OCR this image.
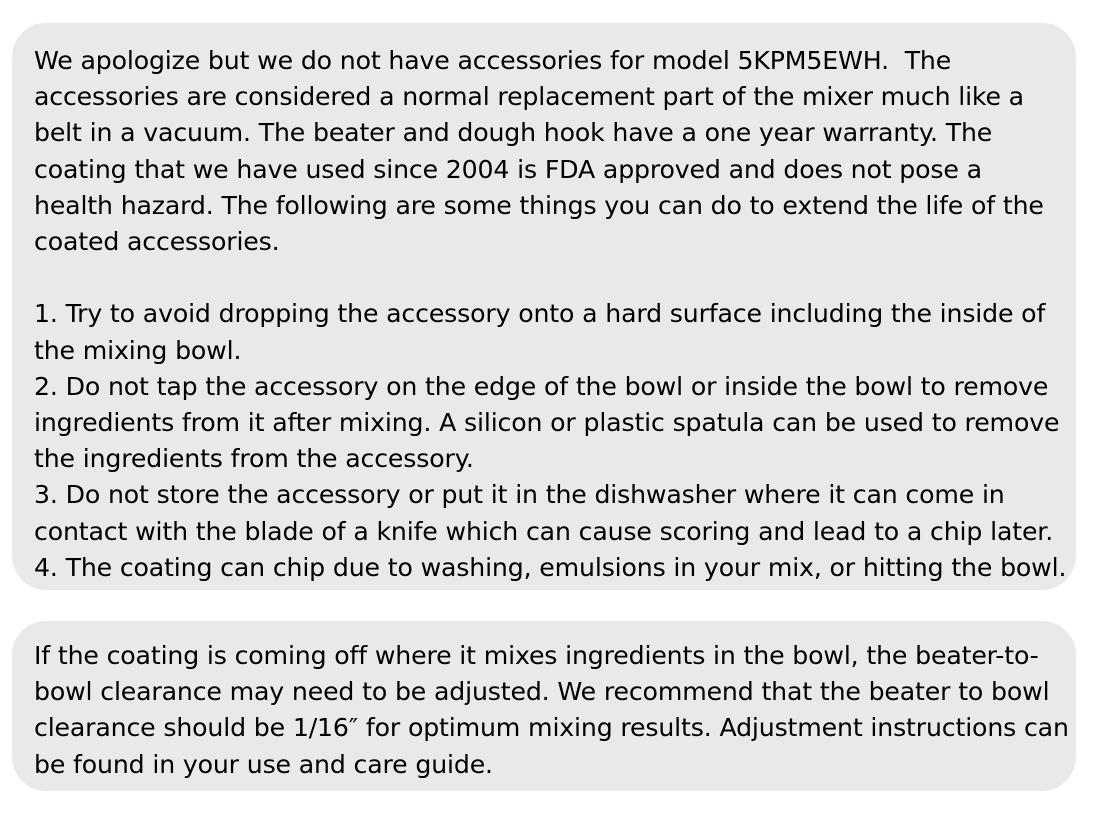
We apologize but we do not have accessories for model 5KPM5EWH.  The
accessories are considered a normal replacement part of the mixer much like a
belt in a vacuum. The beater and dough hook have a one year warranty. The
coating that we have used since 2004 is FDA approved and does not pose a
health hazard. The following are some things you can do to extend the life of the
coated accessories.
1. Try to avoid dropping the accessory onto a hard surface including the inside of
the mixing bowl.
2. Do not tap the accessory on the edge of the bowl or inside the bowl to remove
ingredients from it after mixing. A silicon or plastic spatula can be used to remove
the ingredients from the accessory.
3. Do not store the accessory or put it in the dishwasher where it can come in
contact with the blade of a knife which can cause scoring and lead to a chip later.
4. The coating can chip due to washing, emulsions in your mix, or hitting the bowl.
If the coating is coming off where it mixes ingredients in the bowl, the beater-to-
bowl clearance may need to be adjusted. We recommend that the beater to bowl
clearance should be 1/16″ for optimum mixing results. Adjustment instructions can
be found in your use and care guide.
